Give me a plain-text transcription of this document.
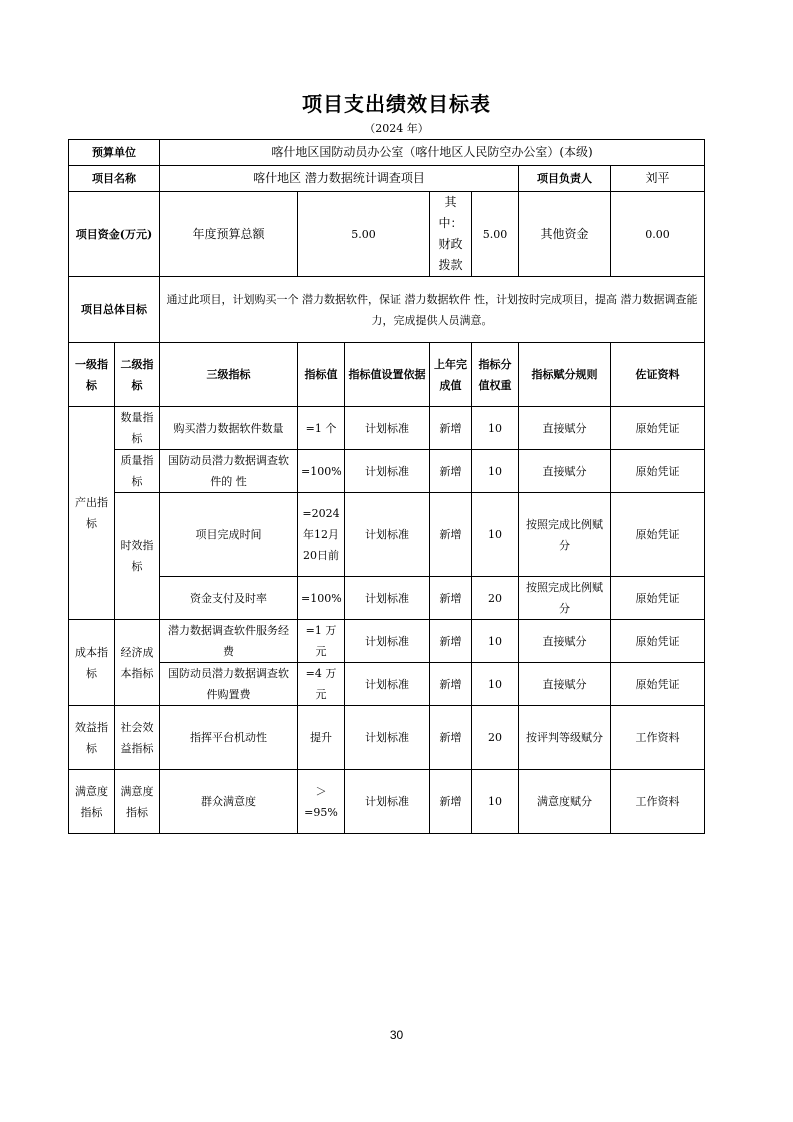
项目支出绩效目标表
（2024 年）
预算单位		喀什地区国防动员办公室（喀什地区人民防空办公室）(本级)						
项目名称		喀什地区 潜力数据统计调查项目					项目负责人	刘平
项目资金(万元)		年度预算总额	5.00		其中：财政拨款	5.00	其他资金	0.00
项目总体目标		通过此项目，计划购买一个 潜力数据软件，保证 潜力数据软件 性，计划按时完成项目，提高 潜力数据调查能力，完成提供人员满意。						
一级指标	二级指标	三级指标	指标值	指标值设置依据	上年完成值	指标分值权重	指标赋分规则	佐证资料
产出指标	数量指标	购买潜力数据软件数量	=1 个	计划标准	新增	10	直接赋分	原始凭证
	质量指标	国防动员潜力数据调查软件的 性	=100%	计划标准	新增	10	直接赋分	原始凭证
	时效指标	项目完成时间	=2024年12月20日前	计划标准	新增	10	按照完成比例赋分	原始凭证
		资金支付及时率	=100%	计划标准	新增	20	按照完成比例赋分	原始凭证
成本指标	经济成本指标	潜力数据调查软件服务经费	=1 万元	计划标准	新增	10	直接赋分	原始凭证
		国防动员潜力数据调查软件购置费	=4 万元	计划标准	新增	10	直接赋分	原始凭证
效益指标	社会效益指标	指挥平台机动性	提升	计划标准	新增	20	按评判等级赋分	工作资料
满意度指标	满意度指标	群众满意度	＞=95%	计划标准	新增	10	满意度赋分	工作资料
30
